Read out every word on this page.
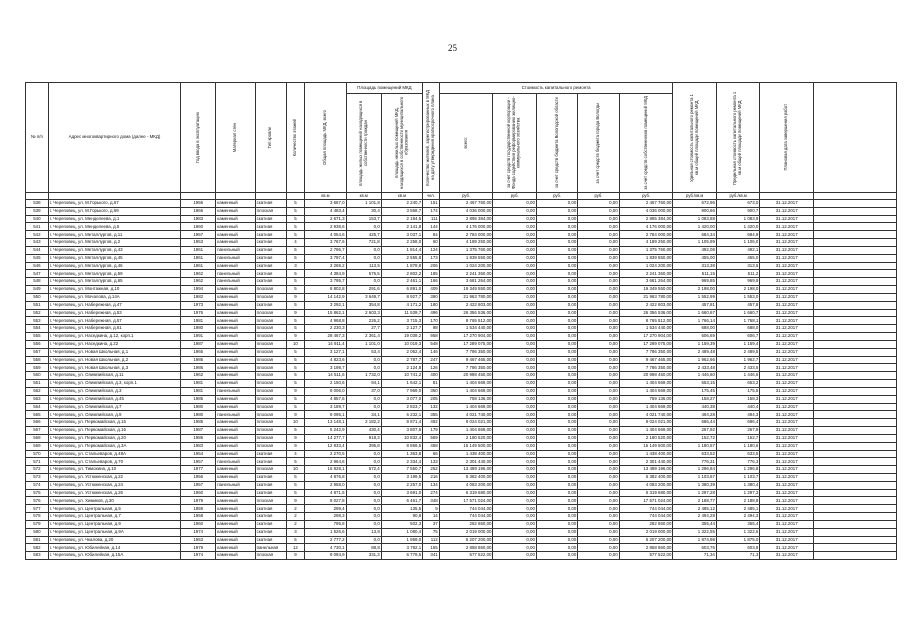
25
№ п/п	Адрес многоквартирного дома (далее - МКД)	Год ввода в эксплуатацию	Материал стен	Тип кровли	Количество этажей	Общая площадь МКД, всего	Площадь помещений МКД		Количество жителей, зарегистрированных в МКД на дату утверждения краткосрочного плана	Стоимость капитального ремонта					Удельная стоимость капитального ремонта 1 кв.м общей площади помещений МКД	Предельная стоимость капитального ремонта 1 кв.м общей площади помещений МКД	Плановая дата завершения работ	

							площадь жилых помещений находящихся в собственности граждан	площадь нежилых помещений МКД, находящихся в собственности муниципального образования		всего:	за счет средств государственной корпорации - Фонда содействия реформированию жилищно-коммунального хозяйства	за счет средств бюджета Вологодской области	за счет средств бюджета города Вологды	за счет средств собственников помещений МКД				

						кв.м	кв.м	кв.м	чел.	руб.	руб.	руб.	руб.	руб.	руб./кв.м	руб./кв.м		
538	г. Череповец, ул. М.Горького, д.67	1956	каменный	скатная	5	3 667,0	1 101,8	2 240,7	151	2 467 760,00	0,00	0,00	0,00	2 467 760,00	672,96	673,0	31.12.2017	
539	г. Череповец, ул. М.Горького, д.69	1966	каменный	плоская	5	4 483,4	30,4	3 568,7	174	4 036 000,00	0,00	0,00	0,00	4 036 000,00	900,66	900,7	31.12.2017	
540	г. Череповец, ул. Менделеева, д.1	1983	каменный	скатная	5	2 671,3	153,7	2 194,5	111	2 895 384,00	0,00	0,00	0,00	2 895 384,00	1 083,88	1 083,9	31.12.2017	
541	г. Череповец, ул. Менделеева, д.5	1960	каменный	скатная	5	2 938,6	0,0	2 141,8	144	4 176 000,00	0,00	0,00	0,00	4 176 000,00	1 420,00	1 420,0	31.12.2017	
542	г. Череповец, ул. Металлургов, д.11	1957	каменный	скатная	5	4 054,6	425,7	3 037,1	84	2 784 000,00	0,00	0,00	0,00	2 784 000,00	684,34	684,9	31.12.2017	
543	г. Череповец, ул. Металлургов, д.2	1953	каменный	скатная	4	3 767,6	721,8	2 258,0	60	4 189 250,00	0,00	0,00	0,00	4 189 250,00	1 105,99	1 106,0	31.12.2017	
544	г. Череповец, ул. Металлургов, д.43	1961	панельный	скатная	5	2 796,7	0,0	1 814,4	124	1 375 760,00	0,00	0,00	0,00	1 375 760,00	492,08	492,1	31.12.2017	
545	г. Череповец, ул. Металлургов, д.45	1961	панельный	скатная	5	3 797,4	0,0	2 555,8	173	1 839 550,00	0,00	0,00	0,00	1 839 550,00	455,00	455,0	31.12.2017	
546	г. Череповец, ул. Металлургов, д.46	1961	каменный	скатная	3	3 269,2	113,5	1 878,8	206	1 024 200,00	0,00	0,00	0,00	1 024 200,00	313,38	313,6	31.12.2017	
547	г. Череповец, ул. Металлургов, д.59	1962	панельный	скатная	5	4 384,9	576,5	2 802,2	185	2 241 360,00	0,00	0,00	0,00	2 241 360,00	511,15	511,2	31.12.2017	
548	г. Череповец, ул. Металлургов, д.65	1962	панельный	скатная	5	3 795,7	0,0	2 461,1	166	3 681 264,00	0,00	0,00	0,00	3 681 264,00	969,85	969,9	31.12.2017	
549	г. Череповец, ул. Монтажная, д.10	1994	каменный	плоская	5	8 802,8	291,6	6 891,0	409	19 349 550,00	0,00	0,00	0,00	19 349 550,00	2 198,00	2 198,0	31.12.2017	
550	г. Череповец, ул. Мочалова, д.14А	1982	каменный	плоская	9	14 142,9	3 649,7	8 927,7	390	21 963 780,00	0,00	0,00	0,00	21 963 780,00	1 552,99	1 553,0	31.12.2017	
551	г. Череповец, ул. Набережная, д.47	1973	каменный	скатная	5	3 292,1	354,8	4 171,2	180	2 422 803,00	0,00	0,00	0,00	2 422 803,00	457,81	457,8	31.12.2017	
552	г. Череповец, ул. Набережная, д.53	1976	каменный	плоская	9	15 862,1	2 603,3	11 539,7	496	26 356 536,00	0,00	0,00	0,00	26 356 536,00	1 660,67	1 660,7	31.12.2017	
553	г. Череповец, ул. Набережная, д.57	1981	каменный	плоская	5	4 968,8	226,2	3 715,3	170	8 765 512,00	0,00	0,00	0,00	8 765 512,00	1 766,14	1 768,1	31.12.2017	
554	г. Череповец, ул. Набережная, д.61	1980	каменный	плоская	5	2 230,3	27,7	2 127,7	98	1 534 440,00	0,00	0,00	0,00	1 534 440,00	688,00	688,0	31.12.2017	
555	г. Череповец, ул. Наседкина, д.12, корп.1	1991	каменный	плоская	9	28 467,3	2 361,4	19 039,2	958	17 270 904,00	0,00	0,00	0,00	17 270 904,00	606,69	606,7	31.12.2017	
556	г. Череповец, ул. Наседкина, д.22	1987	каменный	плоская	10	14 911,4	1 101,0	10 019,3	548	17 289 075,00	0,00	0,00	0,00	17 289 075,00	1 159,39	1 159,4	31.12.2017	
557	г. Череповец, ул. Новая Школьная, д.1	1966	каменный	плоская	5	3 127,1	53,4	2 062,4	146	7 786 350,00	0,00	0,00	0,00	7 786 350,00	2 489,48	2 489,5	31.12.2017	
558	г. Череповец, ул. Новая Школьная, д.2	1986	каменный	плоская	5	4 823,6	0,0	2 787,7	247	9 467 465,00	0,00	0,00	0,00	9 467 465,00	1 962,66	1 962,7	31.12.2017	
559	г. Череповец, ул. Новая Школьная, д.3	1986	каменный	плоская	5	3 198,7	0,0	2 124,8	126	7 786 350,00	0,00	0,00	0,00	7 786 350,00	2 433,48	2 433,5	31.12.2017	
560	г. Череповец, ул. Олимпийская, д.11	1962	каменный	плоская	5	14 511,6	1 732,0	10 741,2	400	20 998 450,00	0,00	0,00	0,00	20 998 450,00	1 446,60	1 446,6	31.12.2017	
561	г. Череповец, ул. Олимпийская, д.3, корп.1	1981	каменный	плоская	5	2 150,6	94,1	1 642,1	81	1 404 669,00	0,00	0,00	0,00	1 404 669,00	653,15	653,2	31.12.2017	
562	г. Череповец, ул. Олимпийская, д.3	1981	панельный	плоская	9	8 006,0	37,0	7 969,0	360	1 404 669,00	0,00	0,00	0,00	1 404 669,00	175,45	175,5	31.12.2017	
563	г. Череповец, ул. Олимпийская, д.45	1985	каменный	плоская	5	4 857,6	0,0	3 077,0	205	759 136,00	0,00	0,00	0,00	759 136,00	158,27	158,3	31.12.2017	
564	г. Череповец, ул. Олимпийская, д.7	1980	каменный	плоская	5	3 189,7	0,0	2 823,7	132	1 404 669,00	0,00	0,00	0,00	1 404 669,00	440,38	440,4	31.12.2017	
565	г. Череповец, ул. Олимпийская, д.9	1980	панельный	плоская	9	8 095,1	34,1	6 232,1	355	4 021 740,00	0,00	0,00	0,00	4 021 740,00	494,28	494,3	31.12.2017	
566	г. Череповец, ул. Первомайская, д.15	1985	каменный	плоская	10	13 148,1	2 182,2	9 871,4	492	9 024 021,00	0,00	0,00	0,00	9 024 021,00	686,44	686,4	31.12.2017	
567	г. Череповец, ул. Первомайская, д.16	1987	каменный	плоская	5	5 242,9	430,4	3 807,6	179	1 404 669,00	0,00	0,00	0,00	1 404 669,00	267,92	267,9	31.12.2017	
568	г. Череповец, ул. Первомайская, д.20	1986	каменный	плоская	9	14 277,7	918,3	10 832,4	569	2 180 520,00	0,00	0,00	0,00	2 180 520,00	152,72	152,7	31.12.2017	
569	г. Череповец, ул. Первомайская, д.3А	1983	каменный	плоская	9	12 833,4	395,8	8 869,5	458	15 149 500,00	0,00	0,00	0,00	15 149 500,00	1 180,57	1 180,6	31.12.2017	
570	г. Череповец, ул. Стальеваров, д.48А	1954	каменный	скатная	4	2 270,5	0,0	1 363,8	66	1 438 400,00	0,00	0,00	0,00	1 438 400,00	633,52	633,5	31.12.2017	
571	г. Череповец, ул. Стальеваров, д.70	1957	панельный	скатная	5	2 964,6	0,0	2 334,4	133	2 301 440,00	0,00	0,00	0,00	2 301 440,00	776,31	776,3	31.12.2017	
572	г. Череповец, ул. Тимохина, д.10	1977	каменный	плоская	10	16 828,1	572,4	7 550,7	252	13 499 196,00	0,00	0,00	0,00	13 499 196,00	1 296,84	1 296,8	31.12.2017	
573	г. Череповец, ул. Устюженская, д.22	1956	каменный	скатная	5	4 876,8	0,0	3 199,5	216	5 382 400,00	0,00	0,00	0,00	5 382 400,00	1 103,67	1 103,7	31.12.2017	
574	г. Череповец, ул. Устюженская, д.24	1957	панельный	скатная	5	2 958,0	0,0	2 257,0	134	4 083 200,00	0,00	0,00	0,00	4 083 200,00	1 380,39	1 380,4	31.12.2017	
575	г. Череповец, ул. Устюженская, д.26	1960	каменный	скатная	5	4 871,5	0,0	3 691,0	274	6 319 680,00	0,00	0,00	0,00	6 319 680,00	1 297,28	1 297,3	31.12.2017	
576	г. Череповец, ул. Химиков, д.30	1979	каменный	плоская	9	8 027,8	0,0	6 461,7	348	17 571 024,00	0,00	0,00	0,00	17 571 024,00	2 188,77	2 188,8	31.12.2017	
577	г. Череповец, ул. Центральная, д.5	1959	каменный	скатная	2	299,4	0,0	135,5	9	744 044,00	0,00	0,00	0,00	744 044,00	2 485,12	2 485,1	31.12.2017	
578	г. Череповец, ул. Центральная, д.7	1958	каменный	скатная	2	298,3	0,0	90,8	14	744 044,00	0,00	0,00	0,00	744 044,00	2 494,28	2 494,3	31.12.2017	
579	г. Череповец, ул. Центральная, д.9	1960	каменный	скатная	2	795,8	0,0	502,3	37	282 860,00	0,00	0,00	0,00	282 860,00	355,44	355,4	31.12.2017	
580	г. Череповец, ул. Центральная, д.9А	1974	каменный	скатная	3	1 526,6	13,8	1 080,4	75	2 019 000,00	0,00	0,00	0,00	2 019 000,00	1 322,55	1 322,6	31.12.2017	
581	г. Череповец, ул. Чкалова, д.20	1953	каменный	скатная	5	2 777,2	0,0	1 959,0	112	5 207 200,00	0,00	0,00	0,00	5 207 200,00	1 874,98	1 875,0	31.12.2017	
582	г. Череповец, ул. Юбилейная, д.14	1979	каменный	панельная	12	4 730,1	88,8	3 782,1	155	2 858 860,00	0,00	0,00	0,00	2 858 860,00	603,76	603,8	31.12.2017	
583	г. Череповец, ул. Юбилейная, д.15А	1974	каменный	плоская	9	8 094,9	331,3	6 779,5	341	577 522,00	0,00	0,00	0,00	577 522,00	71,34	71,3	31.12.2017	
